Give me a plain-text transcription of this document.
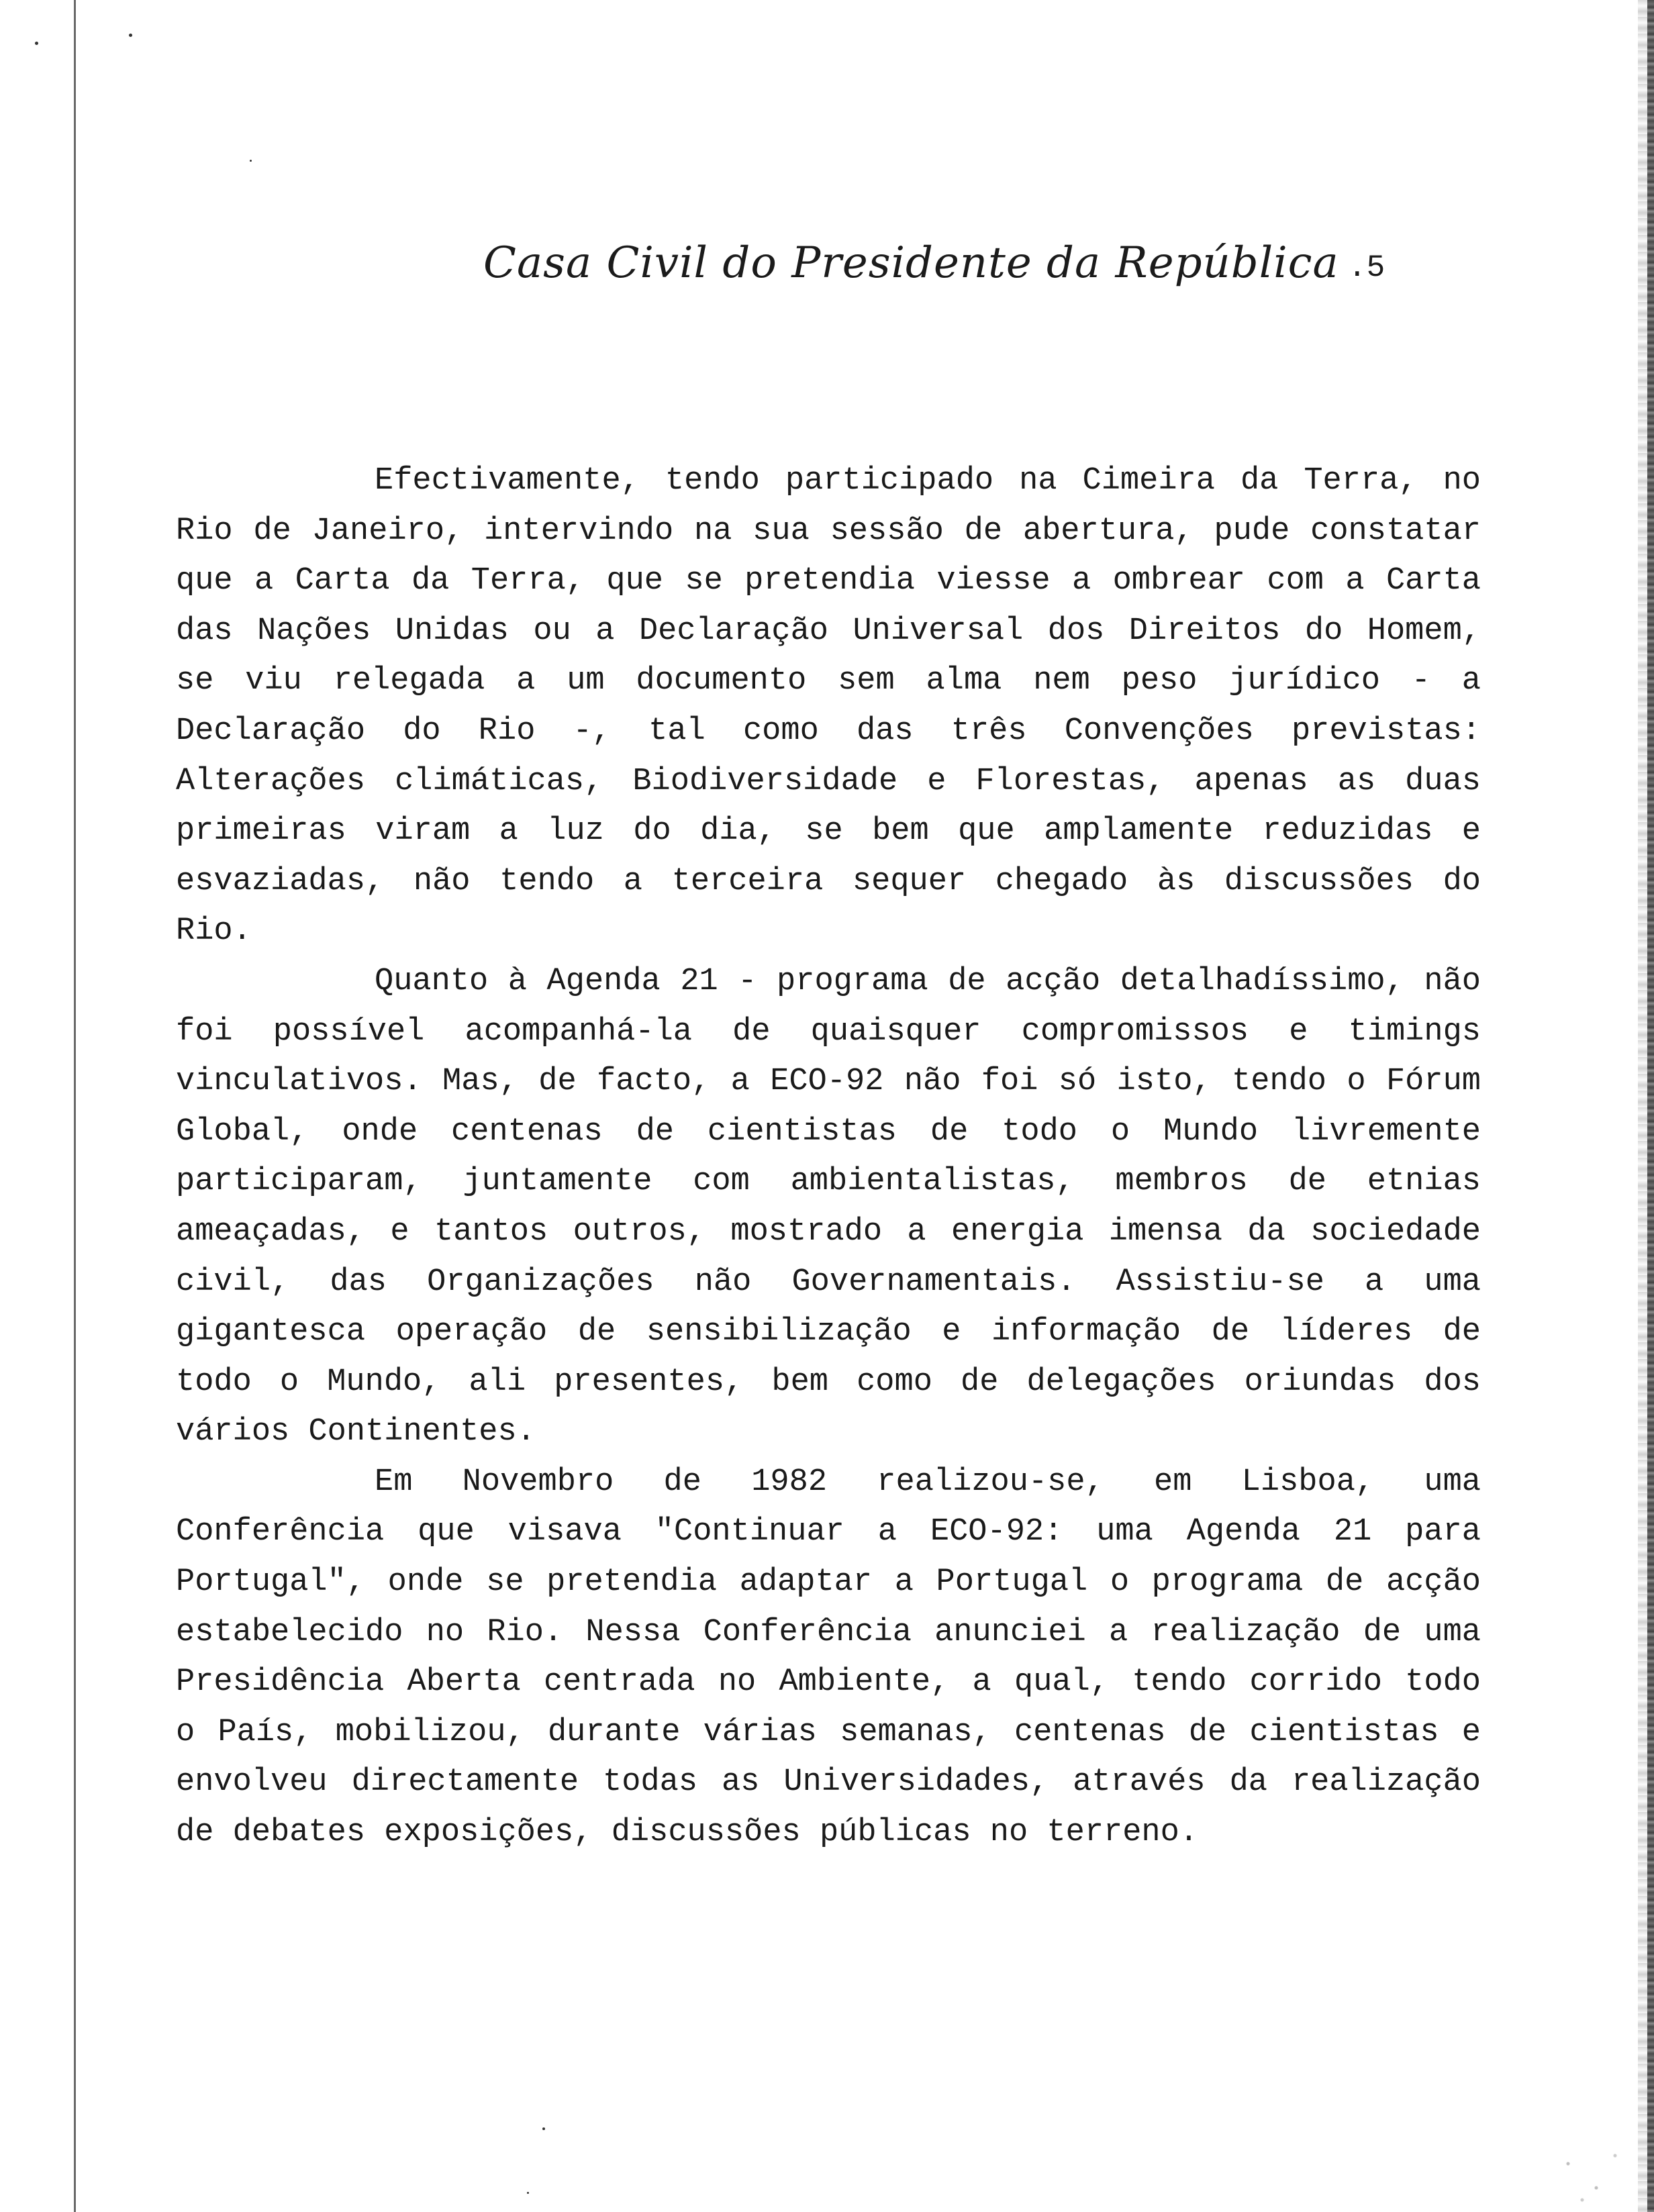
Casa Civil do Presidente da República .5

Efectivamente, tendo participado na Cimeira da Terra, no Rio de Janeiro, intervindo na sua sessão de abertura, pude constatar que a Carta da Terra, que se pretendia viesse a ombrear com a Carta das Nações Unidas ou a Declaração Universal dos Direitos do Homem, se viu relegada a um documento sem alma nem peso jurídico - a Declaração do Rio -, tal como das três Convenções previstas: Alterações climáticas, Biodiversidade e Florestas, apenas as duas primeiras viram a luz do dia, se bem que amplamente reduzidas e esvaziadas, não tendo a terceira sequer chegado às discussões do Rio.

Quanto à Agenda 21 - programa de acção detalhadíssimo, não foi possível acompanhá-la de quaisquer compromissos e timings vinculativos. Mas, de facto, a ECO-92 não foi só isto, tendo o Fórum Global, onde centenas de cientistas de todo o Mundo livremente participaram, juntamente com ambientalistas, membros de etnias ameaçadas, e tantos outros, mostrado a energia imensa da sociedade civil, das Organizações não Governamentais. Assistiu-se a uma gigantesca operação de sensibilização e informação de líderes de todo o Mundo, ali presentes, bem como de delegações oriundas dos vários Continentes.

Em Novembro de 1982 realizou-se, em Lisboa, uma Conferência que visava "Continuar a ECO-92: uma Agenda 21 para Portugal", onde se pretendia adaptar a Portugal o programa de acção estabelecido no Rio. Nessa Conferência anunciei a realização de uma Presidência Aberta centrada no Ambiente, a qual, tendo corrido todo o País, mobilizou, durante várias semanas, centenas de cientistas e envolveu directamente todas as Universidades, através da realização de debates exposições, discussões públicas no terreno.
